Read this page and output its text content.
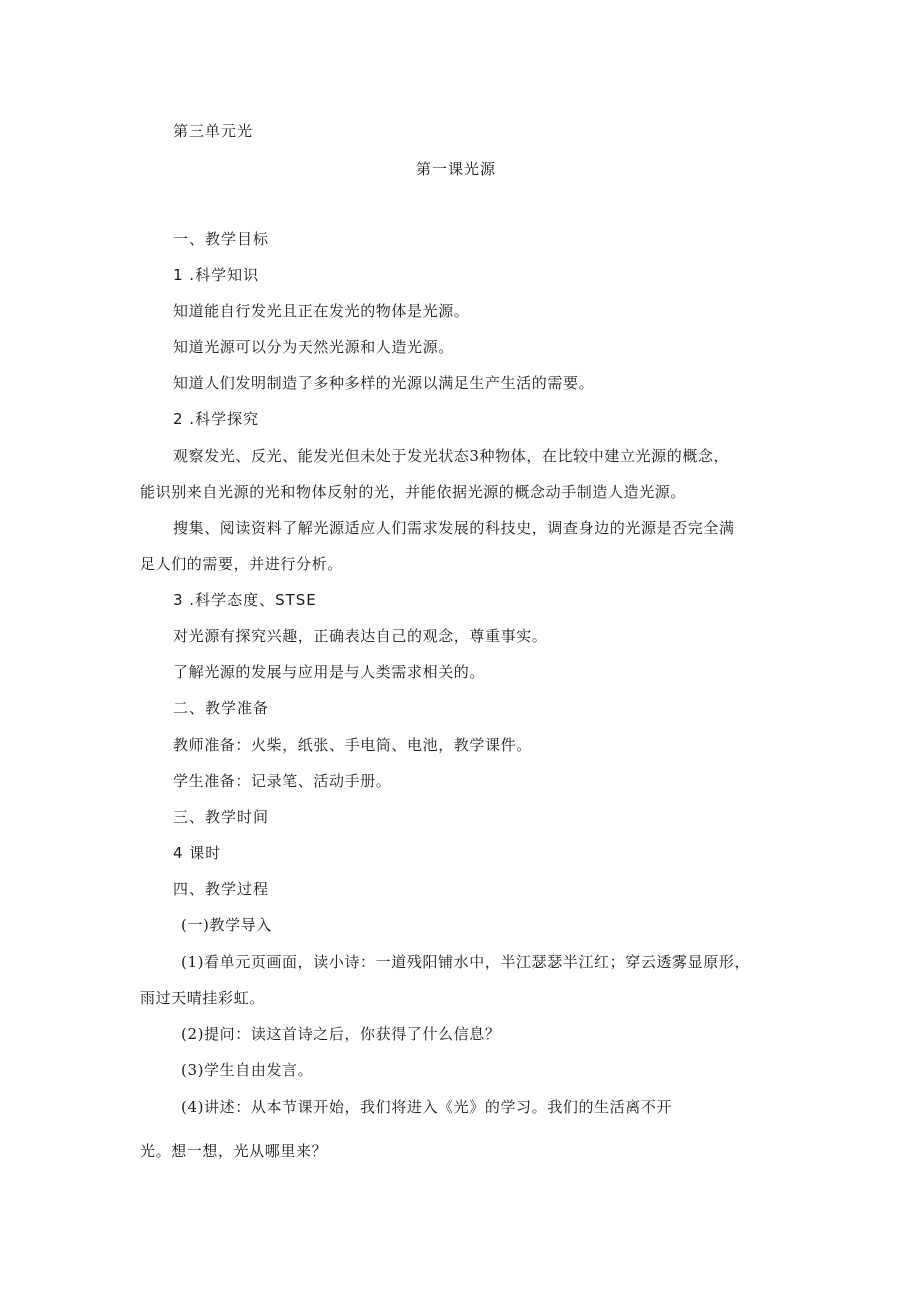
第三单元光
第一课光源
一、教学目标
1 .科学知识
知道能自行发光且正在发光的物体是光源。
知道光源可以分为天然光源和人造光源。
知道人们发明制造了多种多样的光源以满足生产生活的需要。
2 .科学探究
观察发光、反光、能发光但未处于发光状态3种物体，在比较中建立光源的概念，
能识别来自光源的光和物体反射的光，并能依据光源的概念动手制造人造光源。
搜集、阅读资料了解光源适应人们需求发展的科技史，调查身边的光源是否完全满
足人们的需要，并进行分析。
3 .科学态度、STSE
对光源有探究兴趣，正确表达自己的观念，尊重事实。
了解光源的发展与应用是与人类需求相关的。
二、教学准备
教师准备：火柴，纸张、手电筒、电池，教学课件。
学生准备：记录笔、活动手册。
三、教学时间
4 课时
四、教学过程
(一)教学导入
(1)看单元页画面，读小诗：一道残阳铺水中，半江瑟瑟半江红；穿云透雾显原形，
雨过天晴挂彩虹。
(2)提问：读这首诗之后，你获得了什么信息？
(3)学生自由发言。
(4)讲述：从本节课开始，我们将进入《光》的学习。我们的生活离不开
光。想一想，光从哪里来？
